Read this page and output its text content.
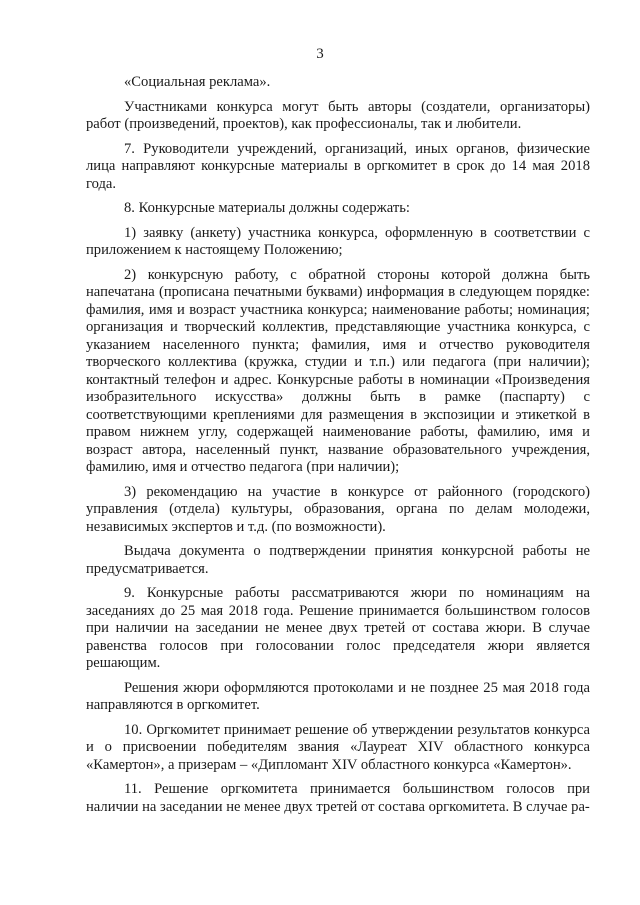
3

«Социальная реклама».

Участниками конкурса могут быть авторы (создатели, организаторы) работ (произведений, проектов), как профессионалы, так и любители.

7. Руководители учреждений, организаций, иных органов, физические лица направляют конкурсные материалы в оргкомитет в срок до 14 мая 2018 года.

8. Конкурсные материалы должны содержать:

1) заявку (анкету) участника конкурса, оформленную в соответствии с приложением к настоящему Положению;

2) конкурсную работу, с обратной стороны которой должна быть напечатана (прописана печатными буквами) информация в следующем порядке: фамилия, имя и возраст участника конкурса; наименование работы; номинация; организация и творческий коллектив, представляющие участника конкурса, с указанием населенного пункта; фамилия, имя и отчество руководителя творческого коллектива (кружка, студии и т.п.) или педагога (при наличии); контактный телефон и адрес. Конкурсные работы в номинации «Произведения изобразительного искусства» должны быть в рамке (паспарту) с соответствующими креплениями для размещения в экспозиции и этикеткой в правом нижнем углу, содержащей наименование работы, фамилию, имя и возраст автора, населенный пункт, название образовательного учреждения, фамилию, имя и отчество педагога (при наличии);

3) рекомендацию на участие в конкурсе от районного (городского) управления (отдела) культуры, образования, органа по делам молодежи, независимых экспертов и т.д. (по возможности).

Выдача документа о подтверждении принятия конкурсной работы не предусматривается.

9. Конкурсные работы рассматриваются жюри по номинациям на заседаниях до 25 мая 2018 года. Решение принимается большинством голосов при наличии на заседании не менее двух третей от состава жюри. В случае равенства голосов при голосовании голос председателя жюри является решающим.

Решения жюри оформляются протоколами и не позднее 25 мая 2018 года направляются в оргкомитет.

10. Оргкомитет принимает решение об утверждении результатов конкурса и о присвоении победителям звания «Лауреат XIV областного конкурса «Камертон», а призерам – «Дипломант XIV областного конкурса «Камертон».

11. Решение оргкомитета принимается большинством голосов при наличии на заседании не менее двух третей от состава оргкомитета. В случае ра-
